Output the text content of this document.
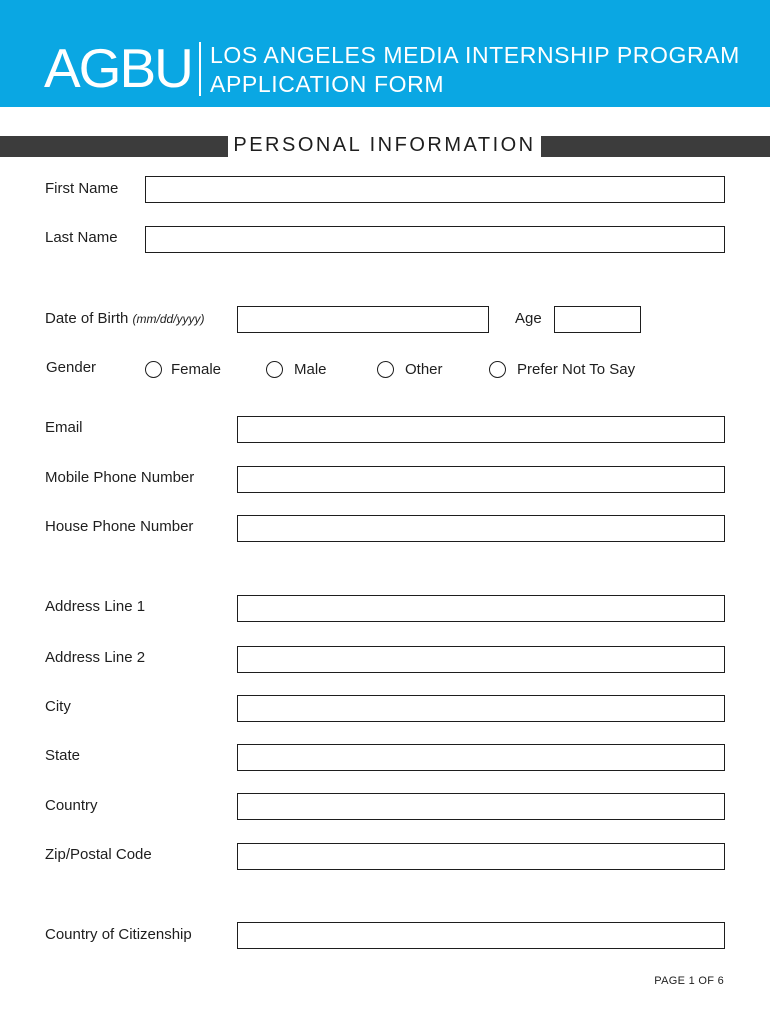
AGBU LOS ANGELES MEDIA INTERNSHIP PROGRAM
APPLICATION FORM
PERSONAL INFORMATION
First Name
Last Name
Date of Birth (mm/dd/yyyy)	Age
Gender	Female	Male	Other	Prefer Not To Say
Email
Mobile Phone Number
House Phone Number
Address Line 1
Address Line 2
City
State
Country
Zip/Postal Code
Country of Citizenship
PAGE 1 OF 6
